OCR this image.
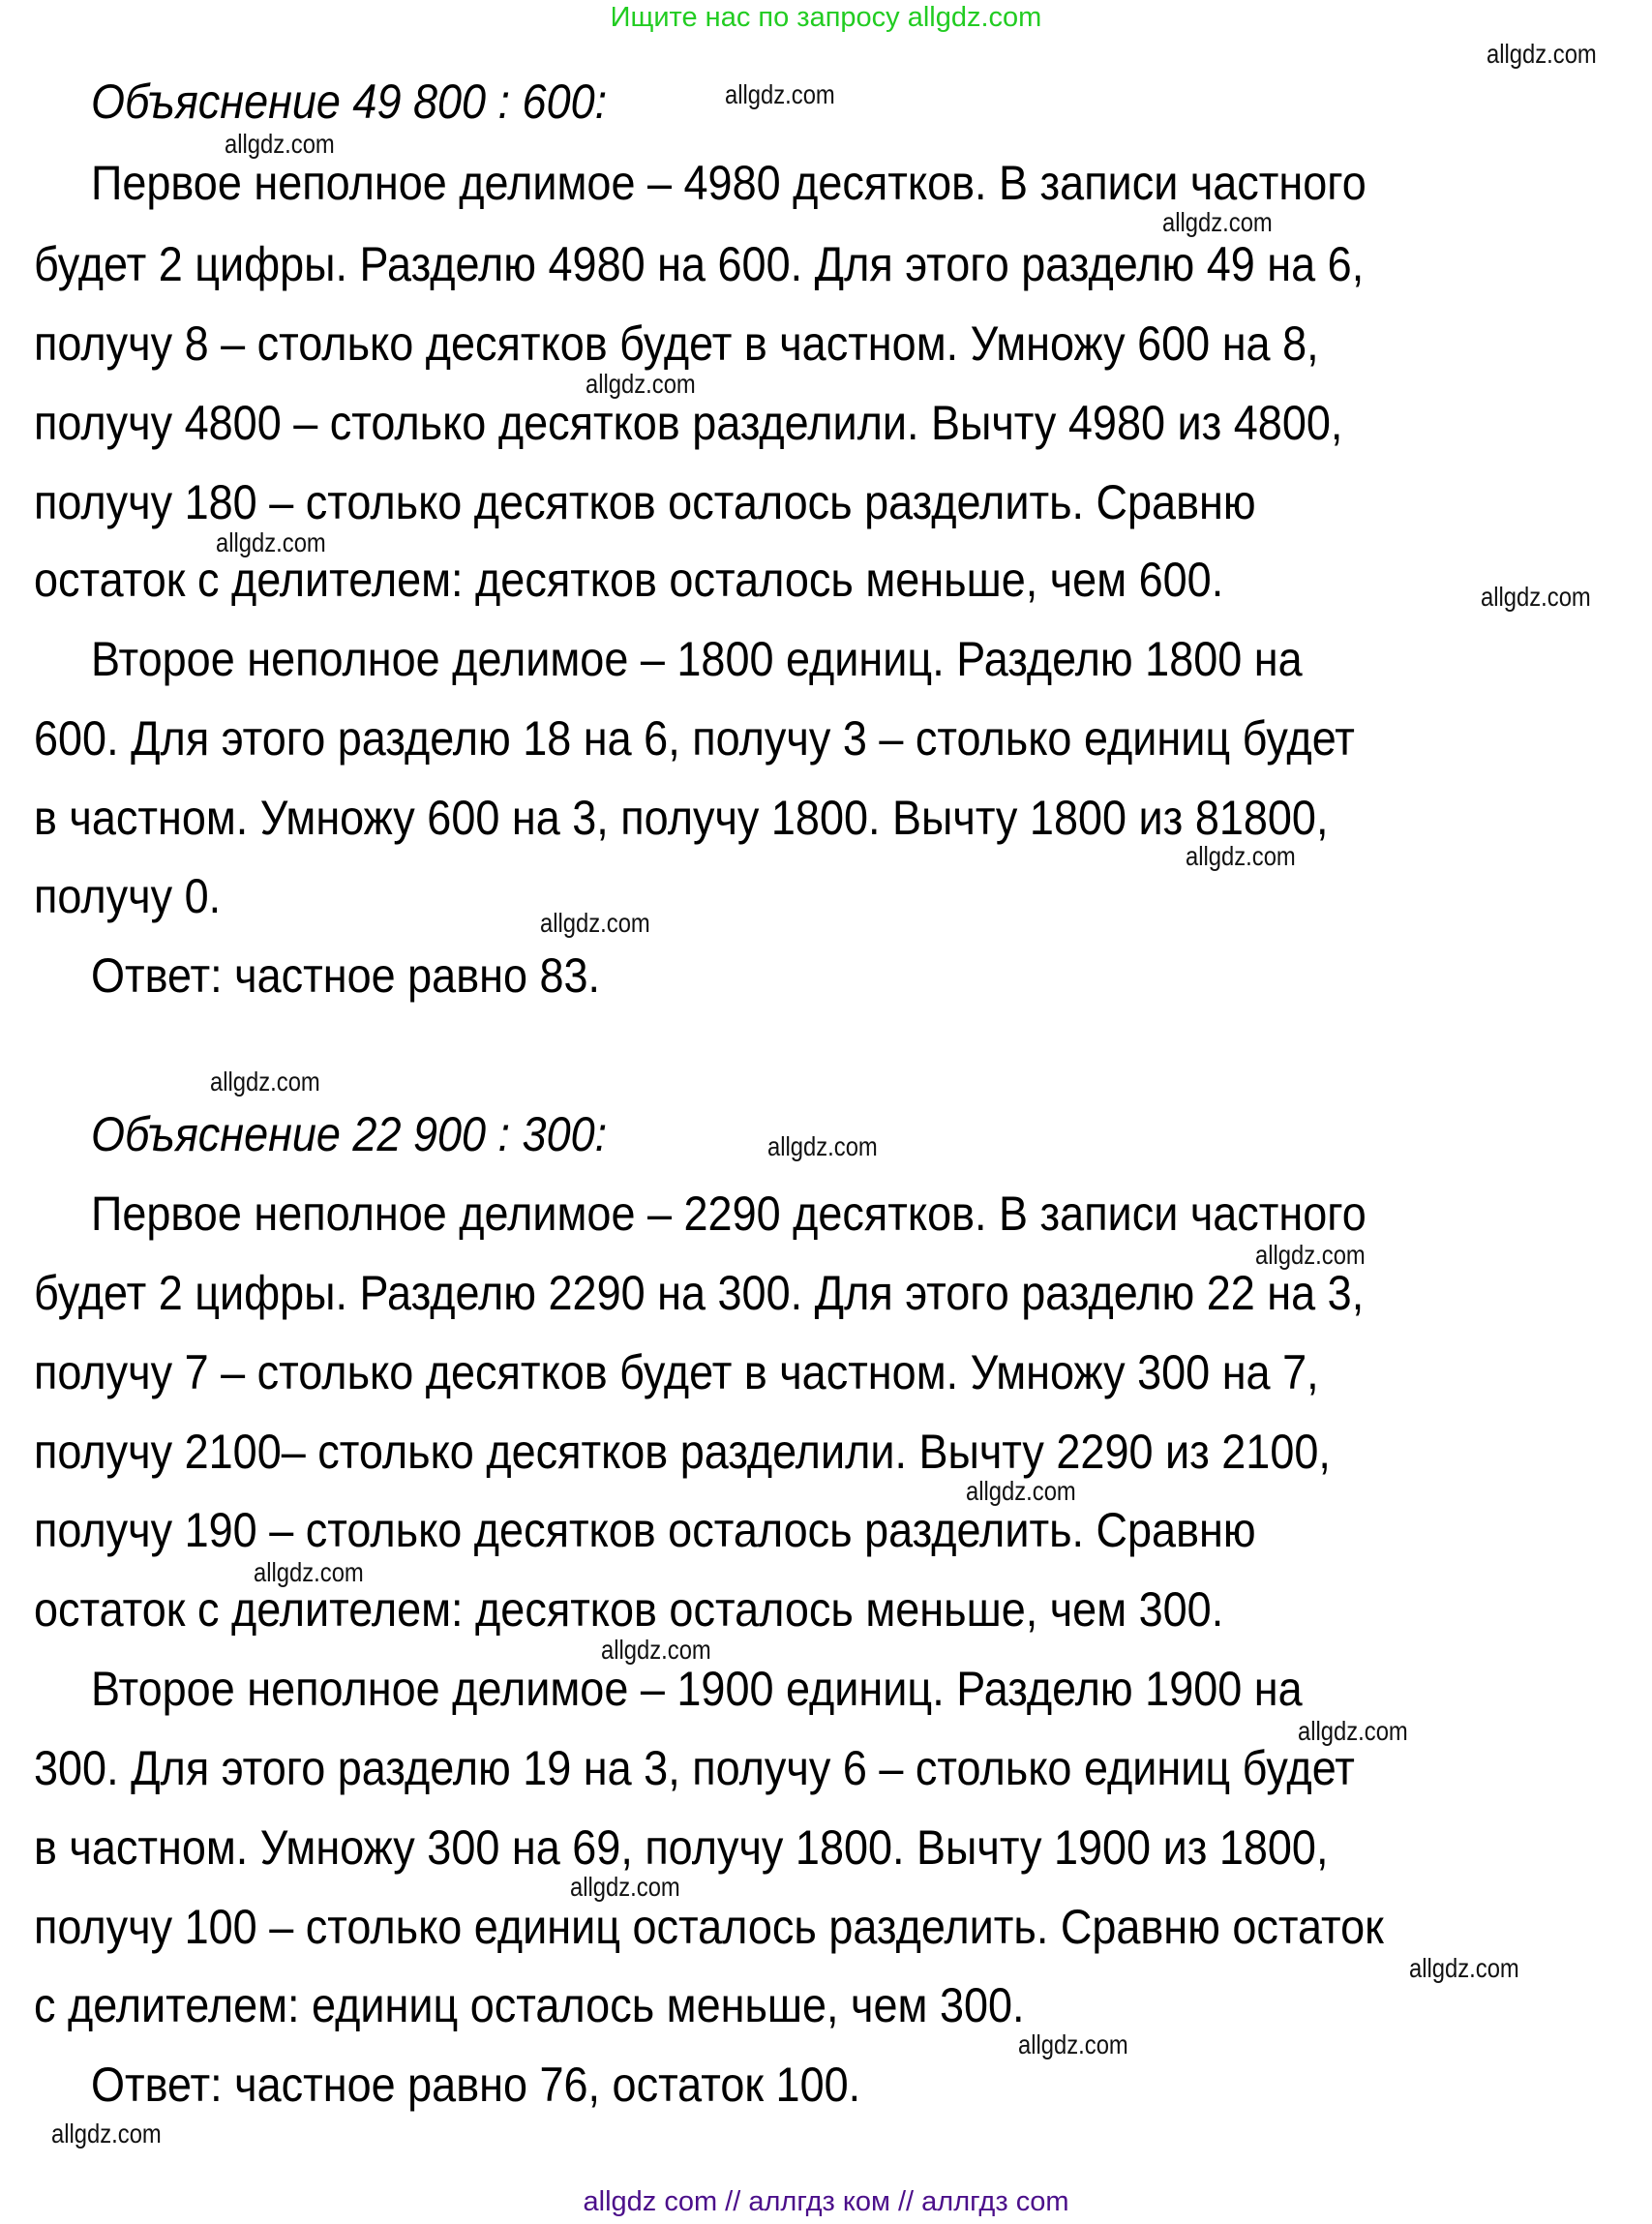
Ищите нас по запросу allgdz.com
Объяснение 49 800 : 600:
Первое неполное делимое – 4980 десятков. В записи частного
будет 2 цифры. Разделю 4980 на 600. Для этого разделю 49 на 6,
получу 8 – столько десятков будет в частном. Умножу 600 на 8,
получу 4800 – столько десятков разделили. Вычту 4980 из 4800,
получу 180 – столько десятков осталось разделить. Сравню
остаток с делителем: десятков осталось меньше, чем 600.
Второе неполное делимое – 1800 единиц. Разделю 1800 на
600. Для этого разделю 18 на 6, получу 3 – столько единиц будет
в частном. Умножу 600 на 3, получу 1800. Вычту 1800 из 81800,
получу 0.
Ответ: частное равно 83.
Объяснение 22 900 : 300:
Первое неполное делимое – 2290 десятков. В записи частного
будет 2 цифры. Разделю 2290 на 300. Для этого разделю 22 на 3,
получу 7 – столько десятков будет в частном. Умножу 300 на 7,
получу 2100– столько десятков разделили. Вычту 2290 из 2100,
получу 190 – столько десятков осталось разделить. Сравню
остаток с делителем: десятков осталось меньше, чем 300.
Второе неполное делимое – 1900 единиц. Разделю 1900 на
300. Для этого разделю 19 на 3, получу 6 – столько единиц будет
в частном. Умножу 300 на 69, получу 1800. Вычту 1900 из 1800,
получу 100 – столько единиц осталось разделить. Сравню остаток
с делителем: единиц осталось меньше, чем 300.
Ответ: частное равно 76, остаток 100.
allgdz.com
allgdz.com
allgdz.com
allgdz.com
allgdz.com
allgdz.com
allgdz.com
allgdz.com
allgdz.com
allgdz.com
allgdz.com
allgdz.com
allgdz.com
allgdz.com
allgdz.com
allgdz.com
allgdz.com
allgdz.com
allgdz.com
allgdz.com
allgdz com // аллгдз ком // аллгдз com
